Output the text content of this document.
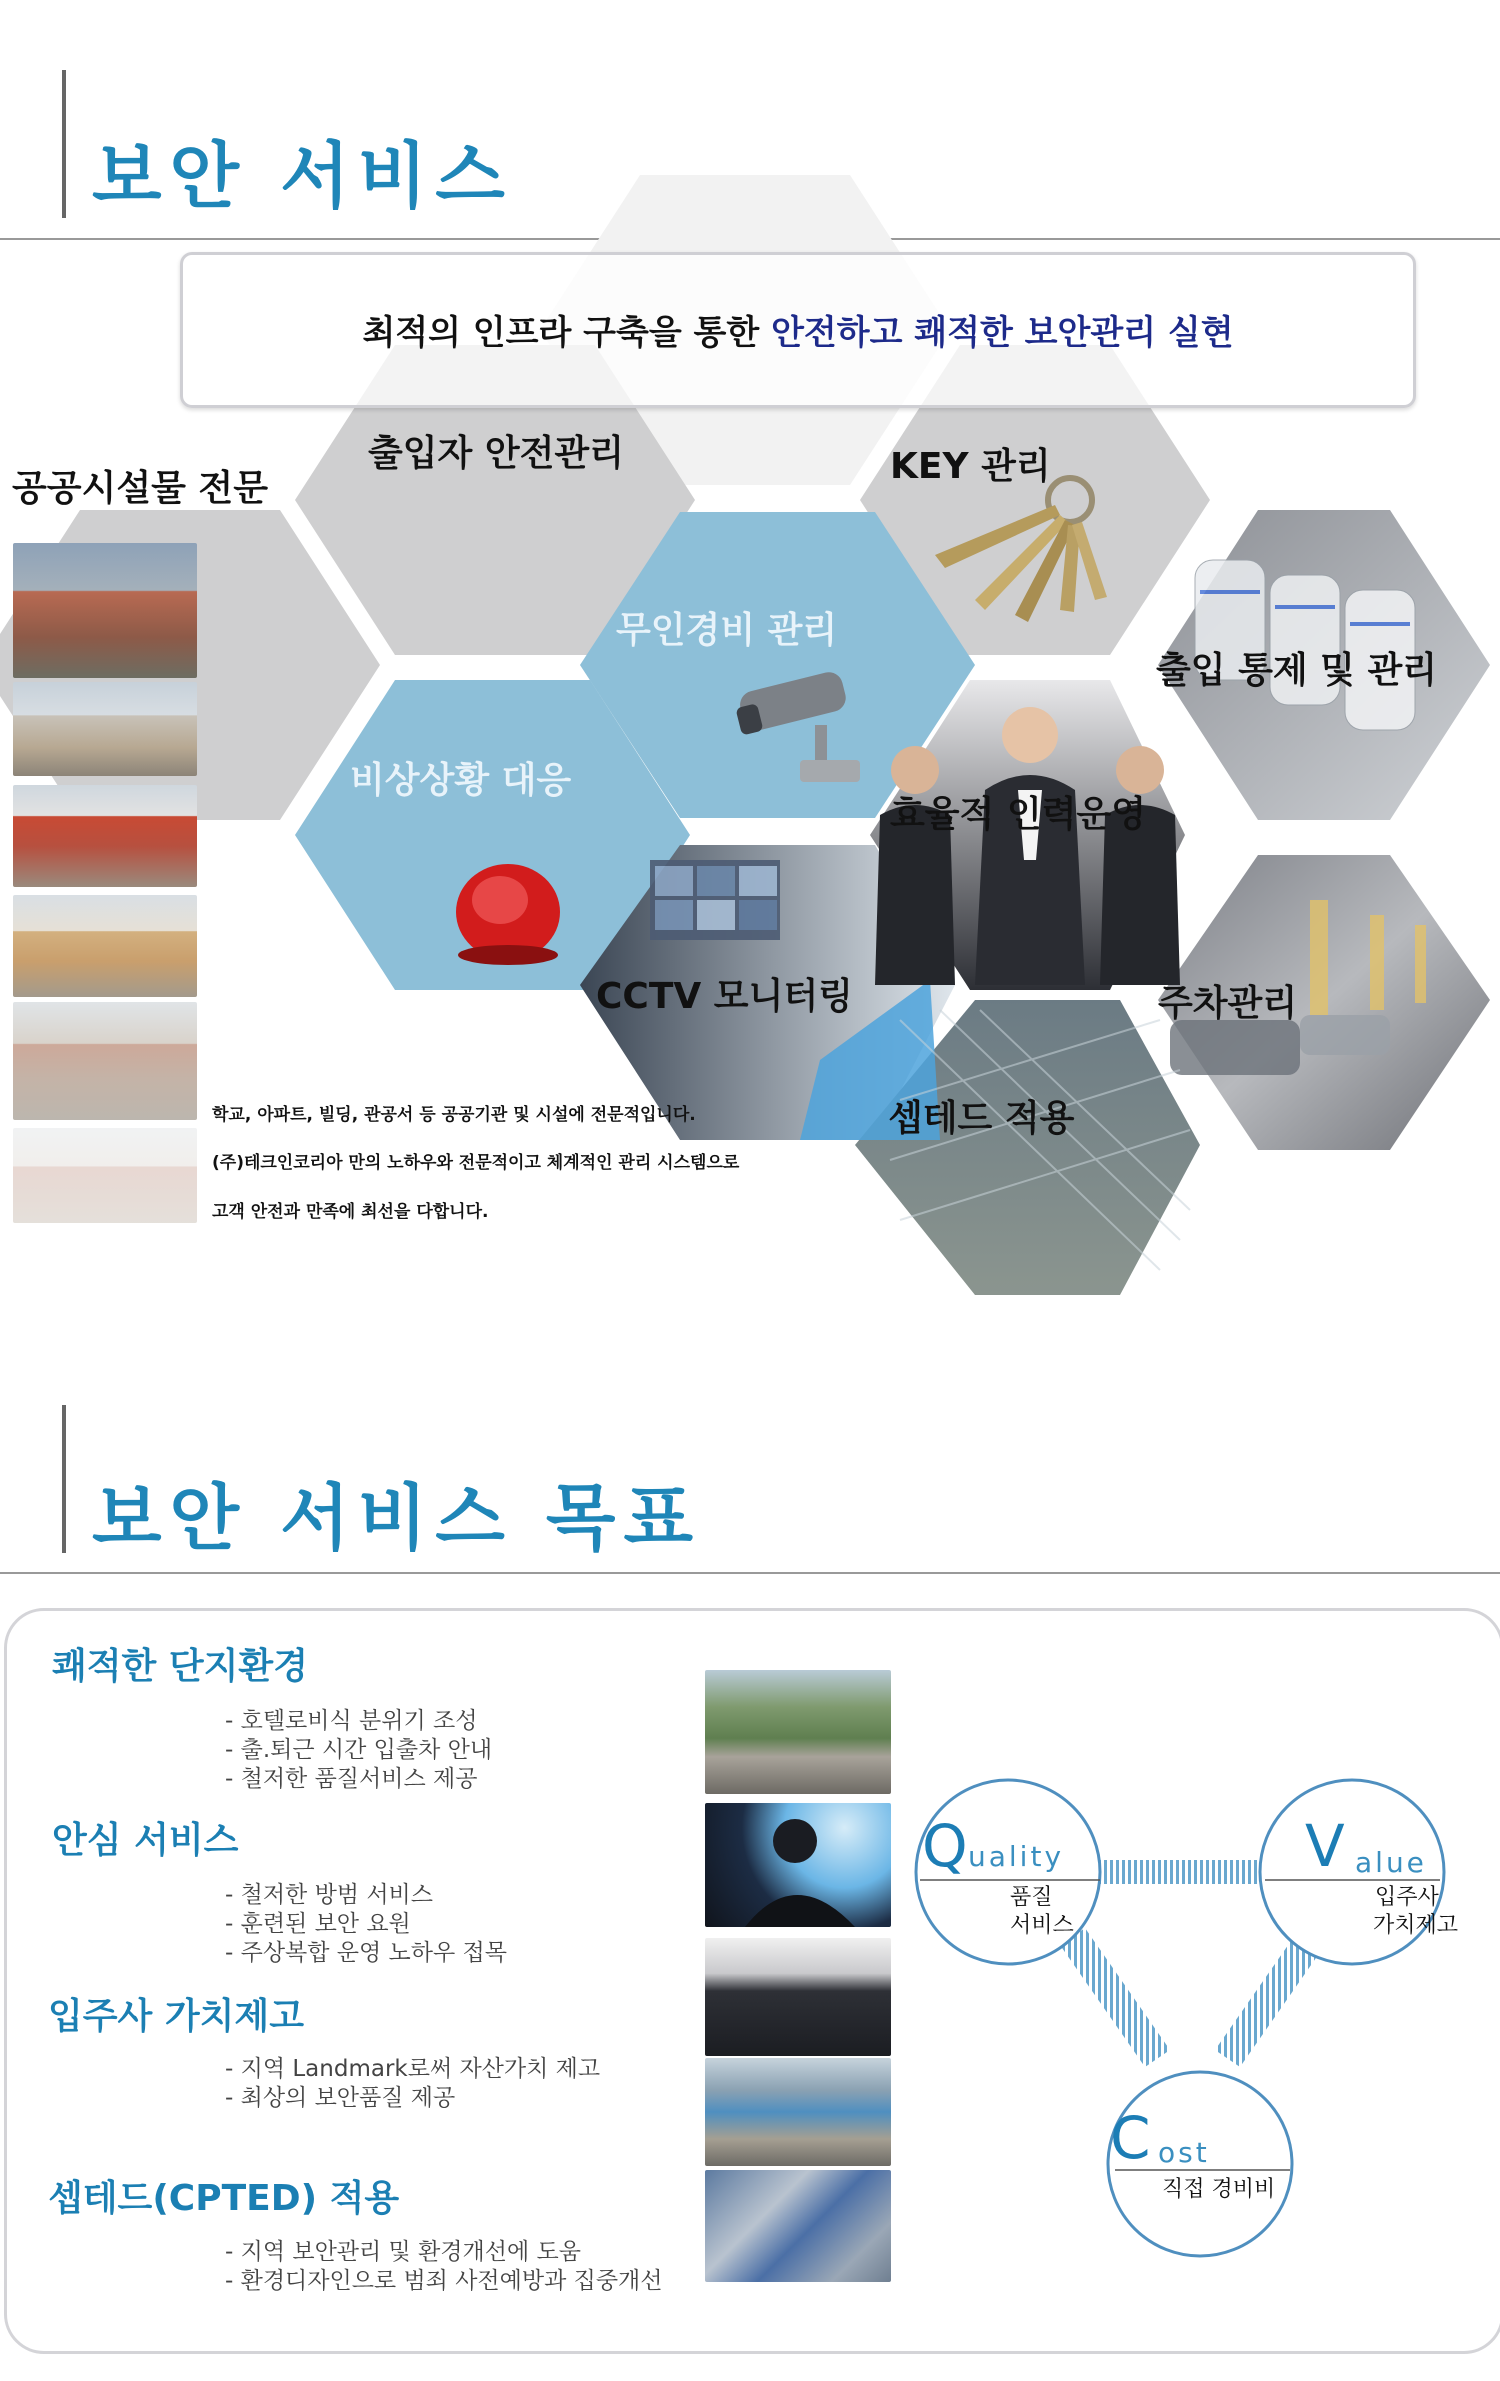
보안 서비스
최적의 인프라 구축을 통한 안전하고 쾌적한 보안관리 실현
공공시설물 전문
출입자 안전관리	KEY 관리
무인경비 관리
비상상황 대응
출입 통제 및 관리
효율적 인력운영
CCTV 모니터링	주차관리
셉테드 적용
학교, 아파트, 빌딩, 관공서 등 공공기관 및 시설에 전문적입니다.
(주)테크인코리아 만의 노하우와 전문적이고 체계적인 관리 시스템으로
고객 안전과 만족에 최선을 다합니다.
보안 서비스 목표
쾌적한 단지환경
- 호텔로비식 분위기 조성
- 출.퇴근 시간 입출차 안내
- 철저한 품질서비스 제공
안심 서비스
- 철저한 방범 서비스
- 훈련된 보안 요원
- 주상복합 운영 노하우 접목
입주사 가치제고
- 지역 Landmark로써 자산가치 제고
- 최상의 보안품질 제공
셉테드(CPTED) 적용
- 지역 보안관리 및 환경개선에 도움
- 환경디자인으로 범죄 사전예방과 집중개선
Q uality
품질
서비스
V alue
입주사
가치제고
C ost
직접 경비비
